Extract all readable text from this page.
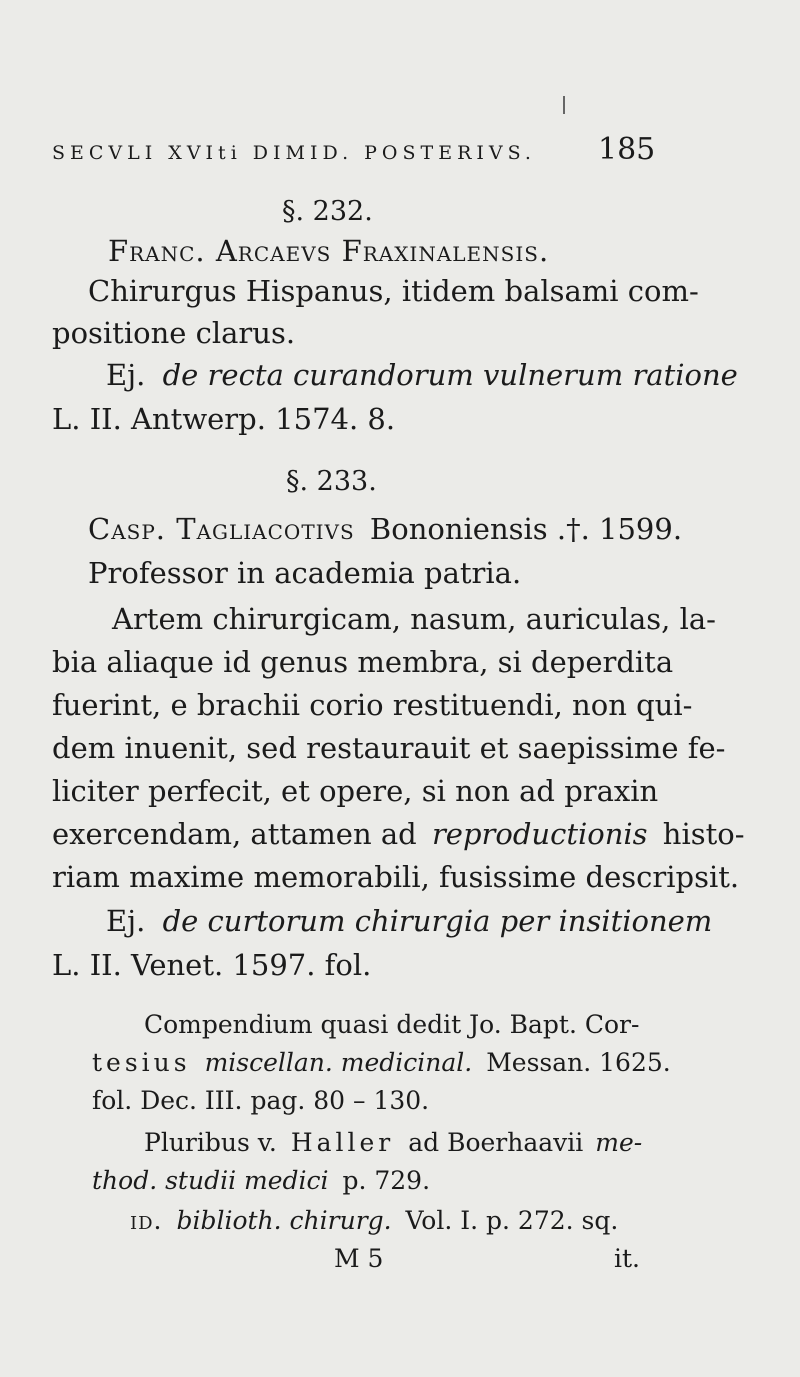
SECVLI XVIti DIMID. POSTERIVS. 185
§. 232.
Franc. Arcaevs Fraxinalensis.
Chirurgus Hispanus, itidem balsami com-
positione clarus.
Ej. de recta curandorum vulnerum ratione
L. II. Antwerp. 1574. 8.
§. 233.
Casp. Tagliacotivs Bononiensis .†. 1599.
Professor in academia patria.
Artem chirurgicam, nasum, auriculas, la-
bia aliaque id genus membra, si deperdita
fuerint, e brachii corio restituendi, non qui-
dem inuenit, sed restaurauit et saepissime fe-
liciter perfecit, et opere, si non ad praxin
exercendam, attamen ad reproductionis histo-
riam maxime memorabili, fusissime descripsit.
Ej. de curtorum chirurgia per insitionem
L. II. Venet. 1597. fol.
Compendium quasi dedit Jo. Bapt. Cor-
tesius miscellan. medicinal. Messan. 1625.
fol. Dec. III. pag. 80 – 130.
Pluribus v. Haller ad Boerhaavii me-
thod. studii medici p. 729.
id. biblioth. chirurg. Vol. I. p. 272. sq.
M 5	it.
